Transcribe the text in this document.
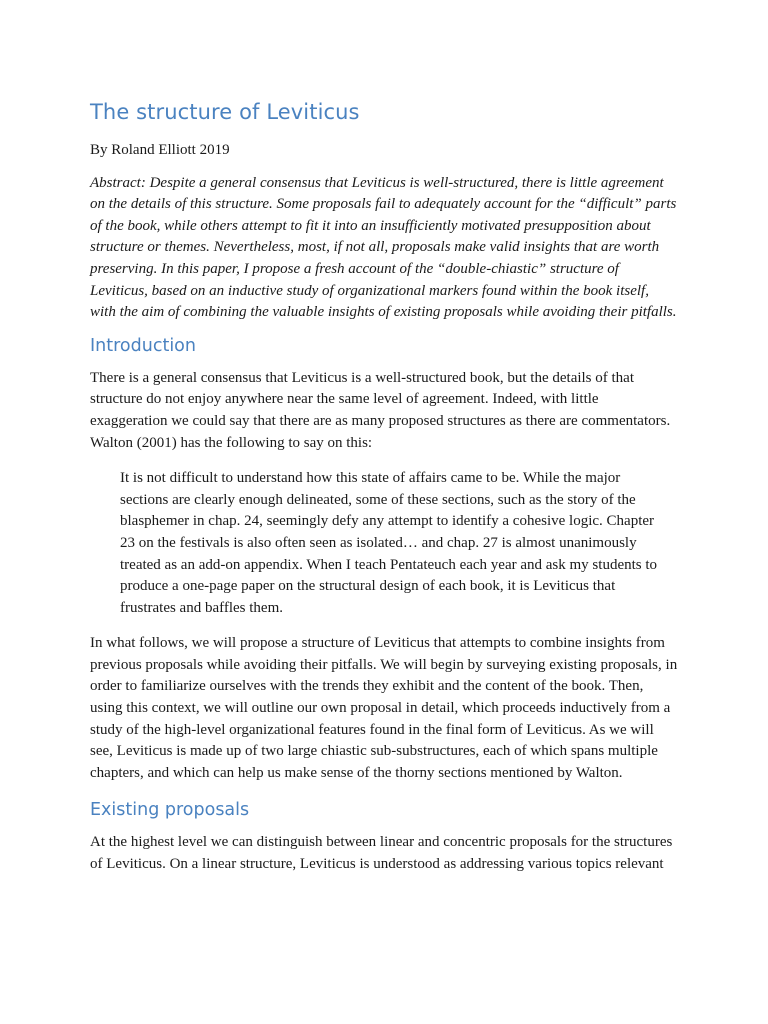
The structure of Leviticus

By Roland Elliott 2019

Abstract: Despite a general consensus that Leviticus is well-structured, there is little agreement on the details of this structure. Some proposals fail to adequately account for the “difficult” parts of the book, while others attempt to fit it into an insufficiently motivated presupposition about structure or themes. Nevertheless, most, if not all, proposals make valid insights that are worth preserving. In this paper, I propose a fresh account of the “double-chiastic” structure of Leviticus, based on an inductive study of organizational markers found within the book itself, with the aim of combining the valuable insights of existing proposals while avoiding their pitfalls.

Introduction

There is a general consensus that Leviticus is a well-structured book, but the details of that structure do not enjoy anywhere near the same level of agreement. Indeed, with little exaggeration we could say that there are as many proposed structures as there are commentators. Walton (2001) has the following to say on this:

It is not difficult to understand how this state of affairs came to be. While the major sections are clearly enough delineated, some of these sections, such as the story of the blasphemer in chap. 24, seemingly defy any attempt to identify a cohesive logic. Chapter 23 on the festivals is also often seen as isolated… and chap. 27 is almost unanimously treated as an add-on appendix. When I teach Pentateuch each year and ask my students to produce a one-page paper on the structural design of each book, it is Leviticus that frustrates and baffles them.

In what follows, we will propose a structure of Leviticus that attempts to combine insights from previous proposals while avoiding their pitfalls. We will begin by surveying existing proposals, in order to familiarize ourselves with the trends they exhibit and the content of the book. Then, using this context, we will outline our own proposal in detail, which proceeds inductively from a study of the high-level organizational features found in the final form of Leviticus. As we will see, Leviticus is made up of two large chiastic sub-substructures, each of which spans multiple chapters, and which can help us make sense of the thorny sections mentioned by Walton.

Existing proposals

At the highest level we can distinguish between linear and concentric proposals for the structures of Leviticus. On a linear structure, Leviticus is understood as addressing various topics relevant
